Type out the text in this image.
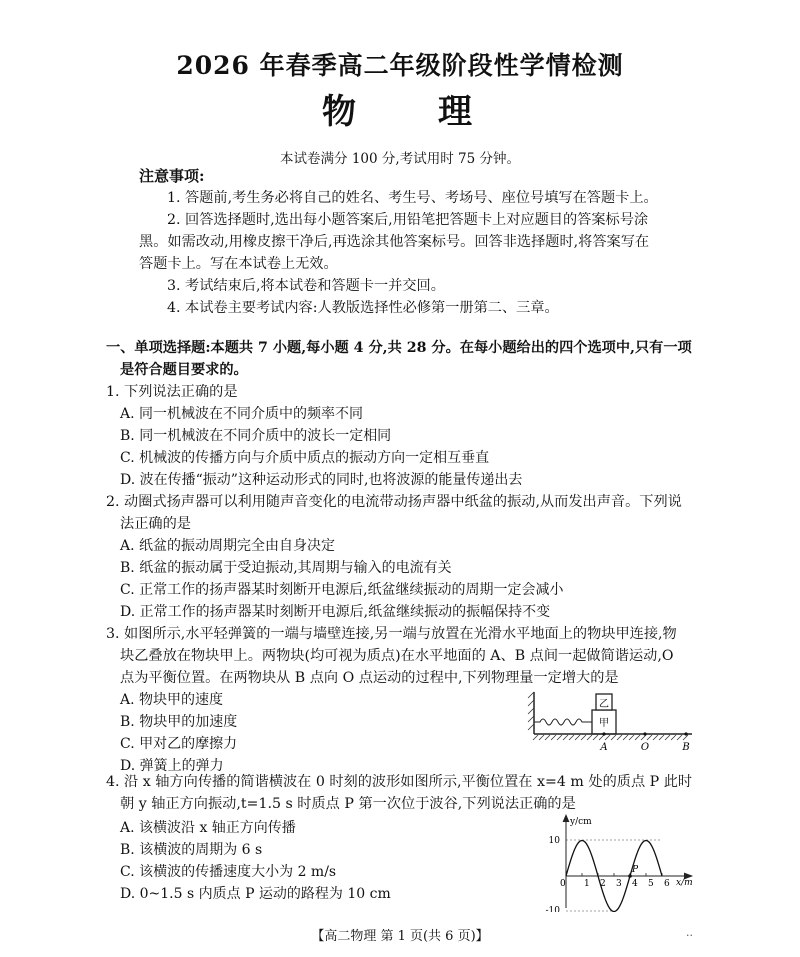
2026 年春季高二年级阶段性学情检测
物 理
本试卷满分 100 分,考试用时 75 分钟。
注意事项:
1. 答题前,考生务必将自己的姓名、考生号、考场号、座位号填写在答题卡上。
2. 回答选择题时,选出每小题答案后,用铅笔把答题卡上对应题目的答案标号涂
黑。如需改动,用橡皮擦干净后,再选涂其他答案标号。回答非选择题时,将答案写在
答题卡上。写在本试卷上无效。
3. 考试结束后,将本试卷和答题卡一并交回。
4. 本试卷主要考试内容:人教版选择性必修第一册第二、三章。
一、单项选择题:本题共 7 小题,每小题 4 分,共 28 分。在每小题给出的四个选项中,只有一项
是符合题目要求的。
1. 下列说法正确的是
A. 同一机械波在不同介质中的频率不同
B. 同一机械波在不同介质中的波长一定相同
C. 机械波的传播方向与介质中质点的振动方向一定相互垂直
D. 波在传播“振动”这种运动形式的同时,也将波源的能量传递出去
2. 动圈式扬声器可以利用随声音变化的电流带动扬声器中纸盆的振动,从而发出声音。下列说
法正确的是
A. 纸盆的振动周期完全由自身决定
B. 纸盆的振动属于受迫振动,其周期与输入的电流有关
C. 正常工作的扬声器某时刻断开电源后,纸盆继续振动的周期一定会减小
D. 正常工作的扬声器某时刻断开电源后,纸盆继续振动的振幅保持不变
3. 如图所示,水平轻弹簧的一端与墙壁连接,另一端与放置在光滑水平地面上的物块甲连接,物
块乙叠放在物块甲上。两物块(均可视为质点)在水平地面的 A、B 点间一起做简谐运动,O
点为平衡位置。在两物块从 B 点向 O 点运动的过程中,下列物理量一定增大的是
A. 物块甲的速度
B. 物块甲的加速度
C. 甲对乙的摩擦力
D. 弹簧上的弹力
乙
甲
A	O	B
4. 沿 x 轴方向传播的简谐横波在 0 时刻的波形如图所示,平衡位置在 x=4 m 处的质点 P 此时
朝 y 轴正方向振动,t=1.5 s 时质点 P 第一次位于波谷,下列说法正确的是
A. 该横波沿 x 轴正方向传播
B. 该横波的周期为 6 s
C. 该横波的传播速度大小为 2 m/s
D. 0~1.5 s 内质点 P 运动的路程为 10 cm
y/cm
x/m
10
-10
0 1 2 3 4 5 6
P
【高二物理 第 1 页(共 6 页)】	··
